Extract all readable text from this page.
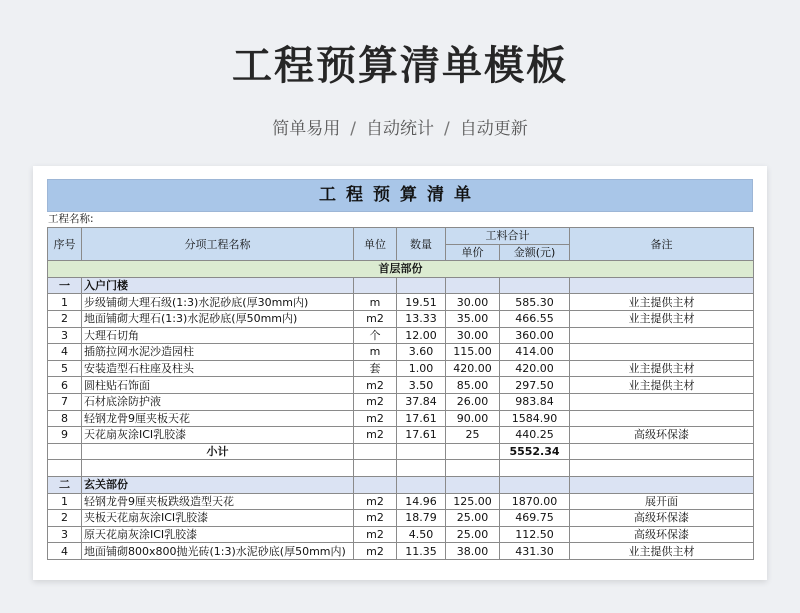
工程预算清单模板
简单易用 / 自动统计 / 自动更新
工程预算清单
工程名称:
序号	分项工程名称	单位	数量	工料合计		备注
				单价	金额(元)	
首层部份						
一	入户门楼					
1	步级铺砌大理石级(1:3)水泥砂底(厚30mm内)	m	19.51	30.00	585.30	业主提供主材
2	地面铺砌大理石(1:3)水泥砂底(厚50mm内)	m2	13.33	35.00	466.55	业主提供主材
3	大理石切角	个	12.00	30.00	360.00	
4	插筋拉网水泥沙造园柱	m	3.60	115.00	414.00	
5	安装造型石柱座及柱头	套	1.00	420.00	420.00	业主提供主材
6	圆柱贴石饰面	m2	3.50	85.00	297.50	业主提供主材
7	石材底涂防护液	m2	37.84	26.00	983.84	
8	轻钢龙骨9厘夹板天花	m2	17.61	90.00	1584.90	
9	天花扇灰涂ICI乳胶漆	m2	17.61	25	440.25	高级环保漆
	小计				5552.34	

二	玄关部份					
1	轻钢龙骨9厘夹板跌级造型天花	m2	14.96	125.00	1870.00	展开面
2	夹板天花扇灰涂ICI乳胶漆	m2	18.79	25.00	469.75	高级环保漆
3	原天花扇灰涂ICI乳胶漆	m2	4.50	25.00	112.50	高级环保漆
4	地面铺砌800x800抛光砖(1:3)水泥砂底(厚50mm内)	m2	11.35	38.00	431.30	业主提供主材
